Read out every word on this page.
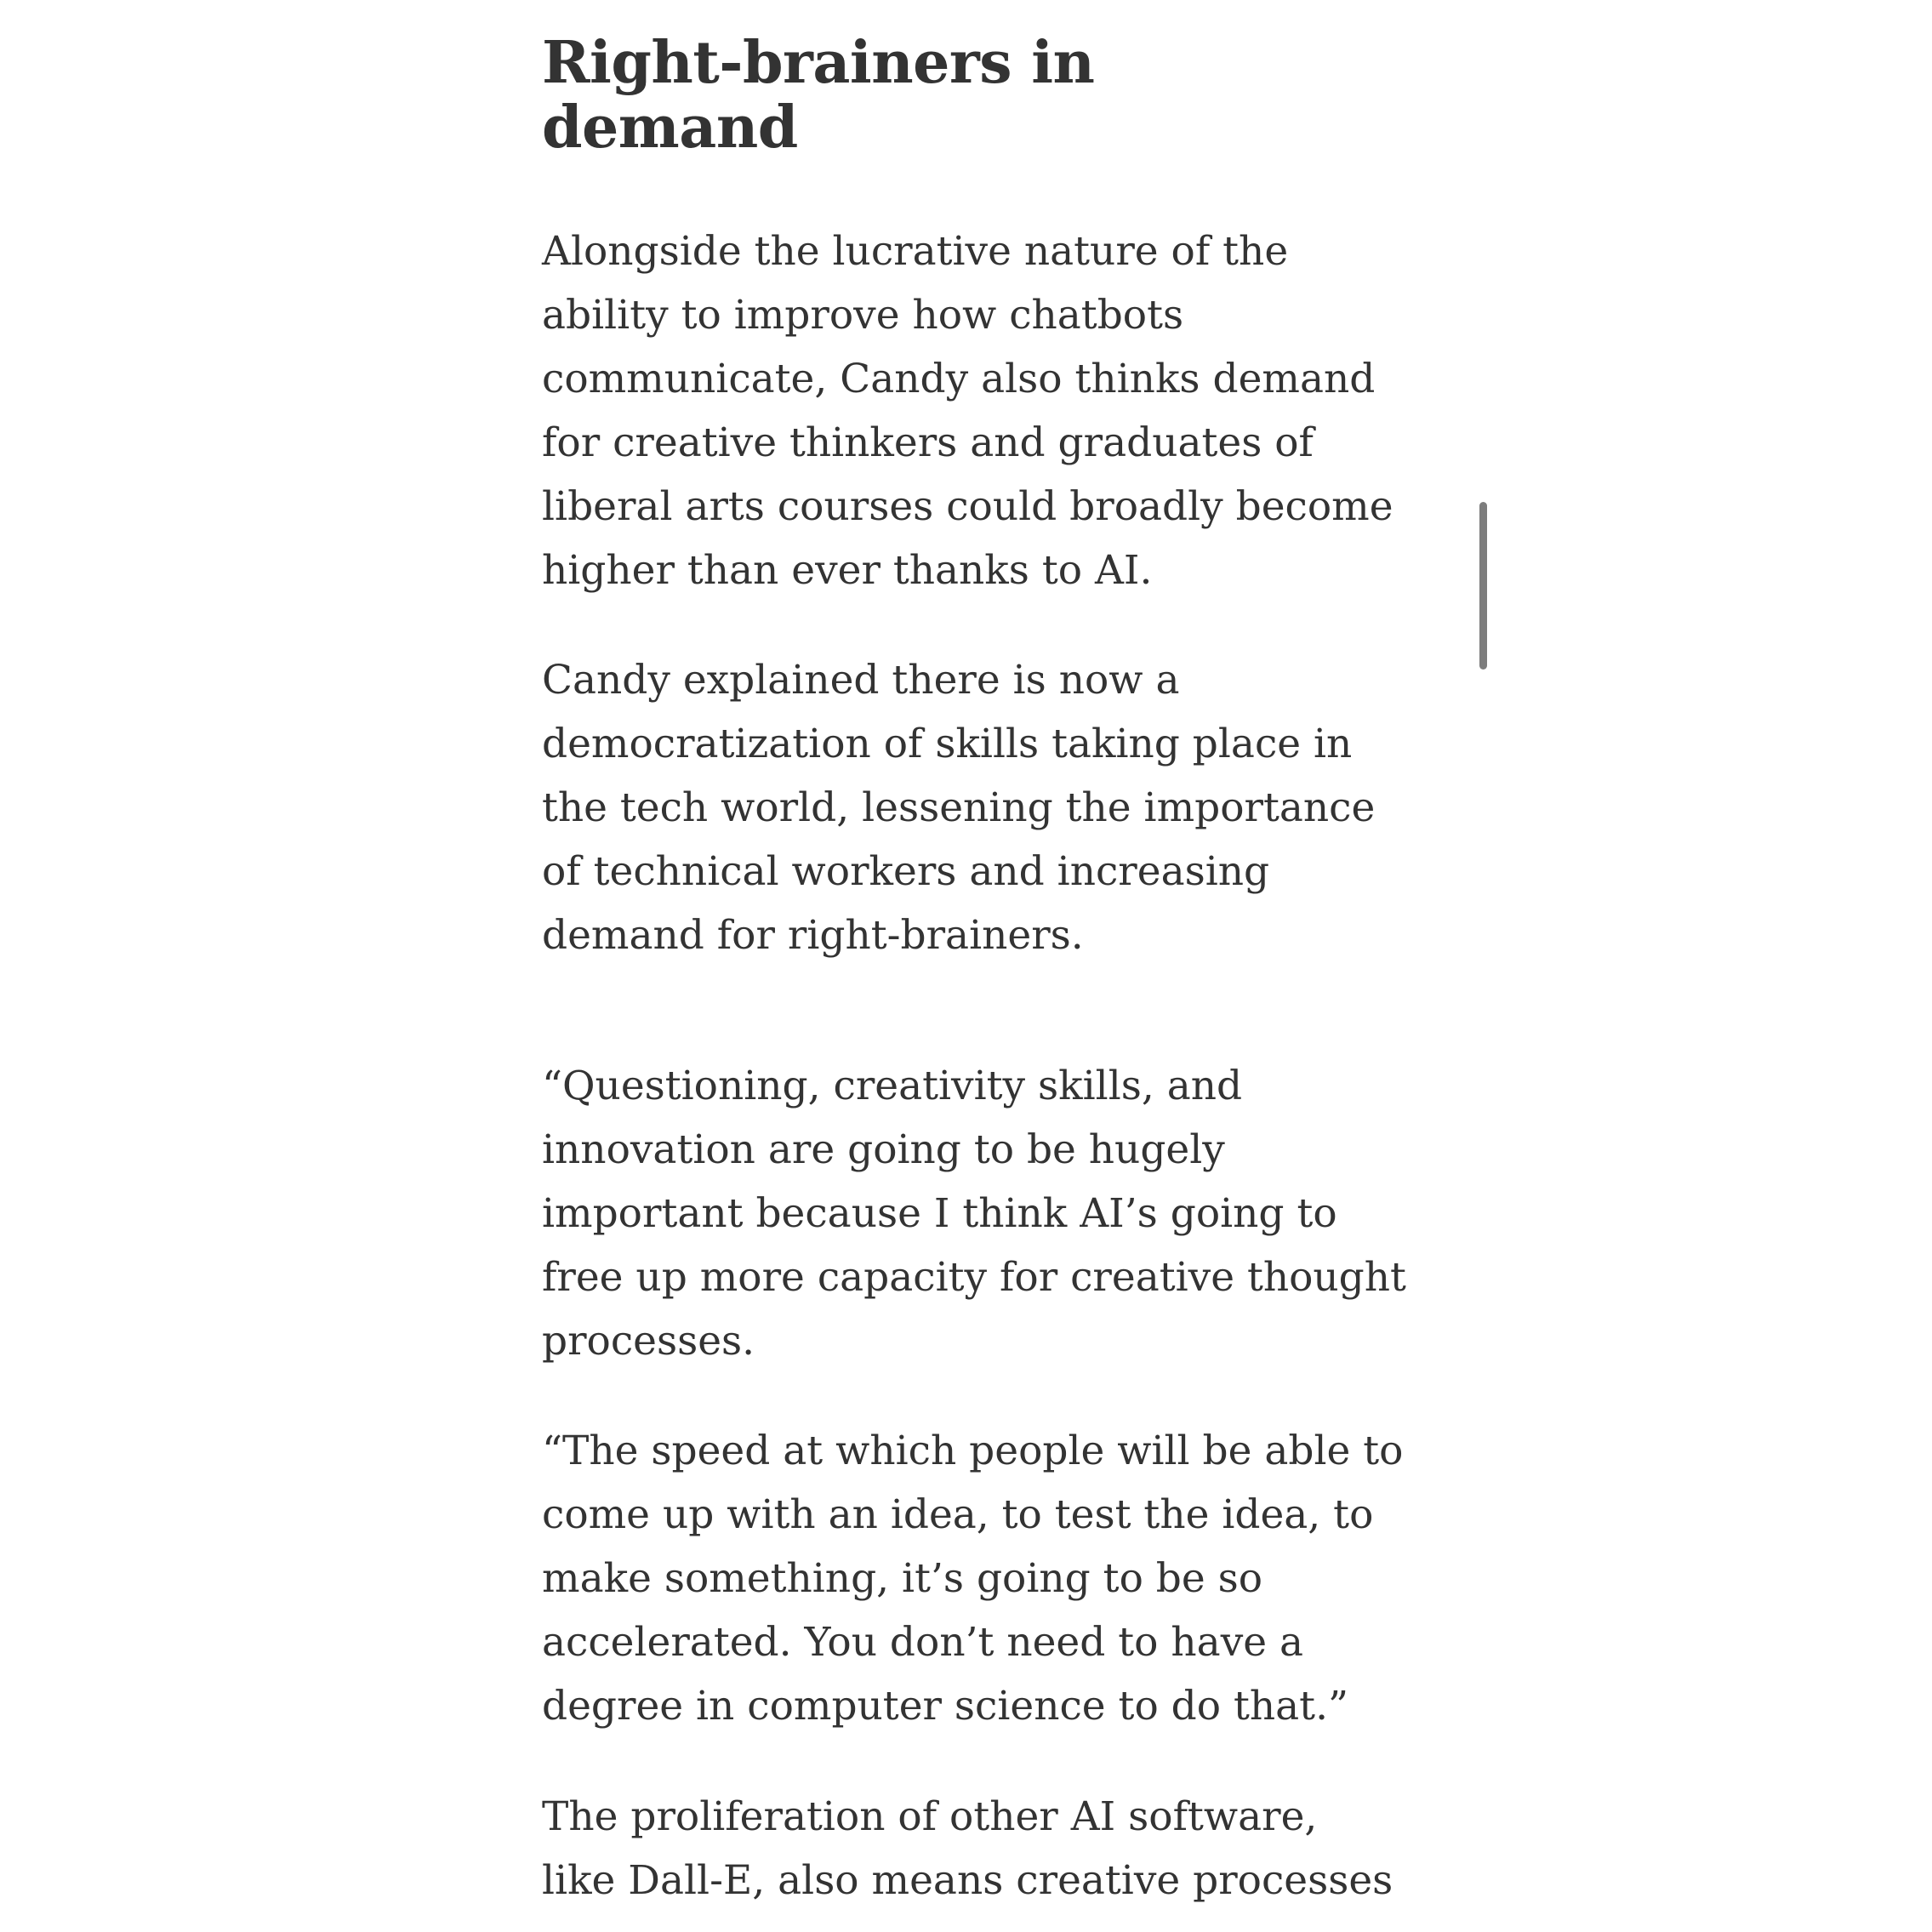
Right-brainers in
demand

Alongside the lucrative nature of the
ability to improve how chatbots
communicate, Candy also thinks demand
for creative thinkers and graduates of
liberal arts courses could broadly become
higher than ever thanks to AI.

Candy explained there is now a
democratization of skills taking place in
the tech world, lessening the importance
of technical workers and increasing
demand for right-brainers.

“Questioning, creativity skills, and
innovation are going to be hugely
important because I think AI’s going to
free up more capacity for creative thought
processes.

“The speed at which people will be able to
come up with an idea, to test the idea, to
make something, it’s going to be so
accelerated. You don’t need to have a
degree in computer science to do that.”

The proliferation of other AI software,
like Dall-E, also means creative processes
